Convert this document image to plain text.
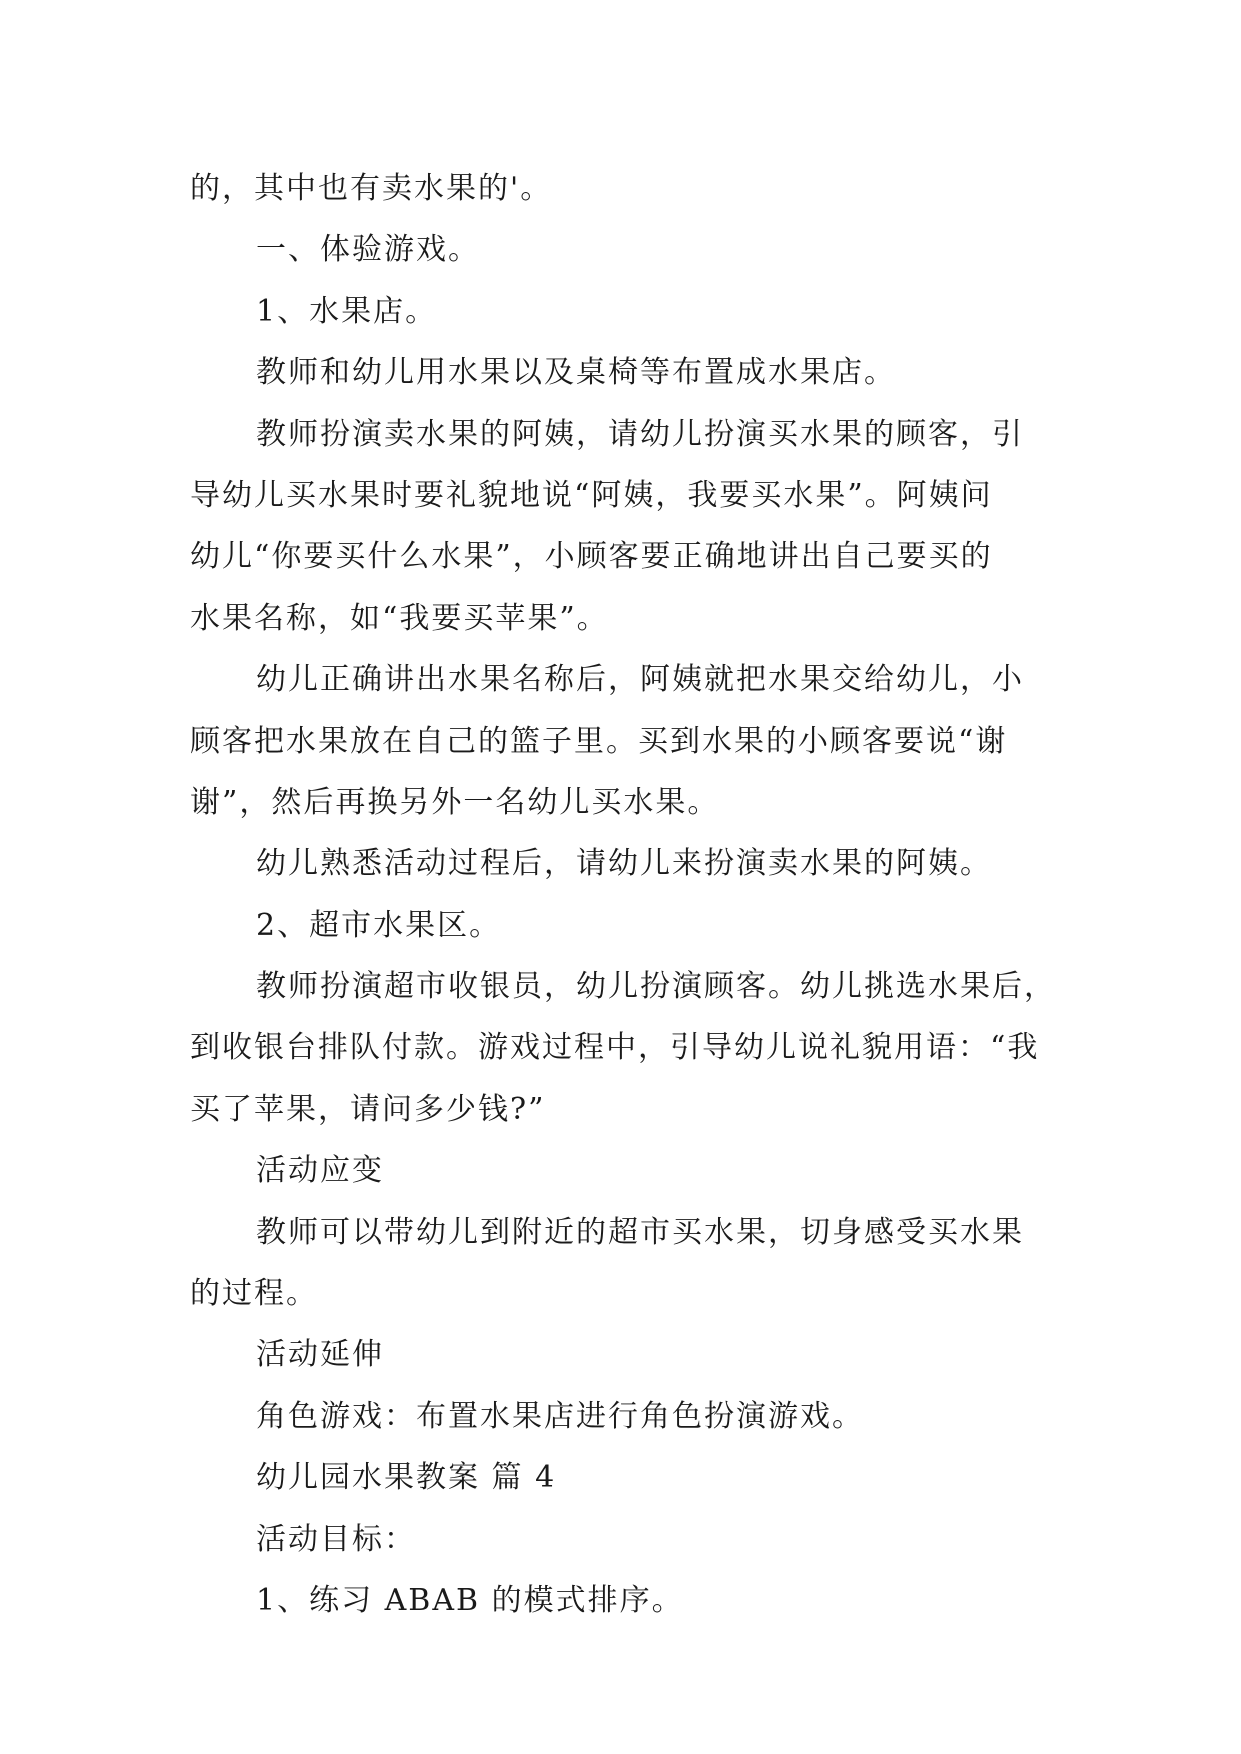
的，其中也有卖水果的'。
一、体验游戏。
1、水果店。
教师和幼儿用水果以及桌椅等布置成水果店。
教师扮演卖水果的阿姨，请幼儿扮演买水果的顾客，引
导幼儿买水果时要礼貌地说“阿姨，我要买水果”。阿姨问
幼儿“你要买什么水果”，小顾客要正确地讲出自己要买的
水果名称，如“我要买苹果”。
幼儿正确讲出水果名称后，阿姨就把水果交给幼儿，小
顾客把水果放在自己的篮子里。买到水果的小顾客要说“谢
谢”，然后再换另外一名幼儿买水果。
幼儿熟悉活动过程后，请幼儿来扮演卖水果的阿姨。
2、超市水果区。
教师扮演超市收银员，幼儿扮演顾客。幼儿挑选水果后，
到收银台排队付款。游戏过程中，引导幼儿说礼貌用语：“我
买了苹果，请问多少钱?”
活动应变
教师可以带幼儿到附近的超市买水果，切身感受买水果
的过程。
活动延伸
角色游戏：布置水果店进行角色扮演游戏。
幼儿园水果教案 篇 4
活动目标：
1、练习 ABAB 的模式排序。
